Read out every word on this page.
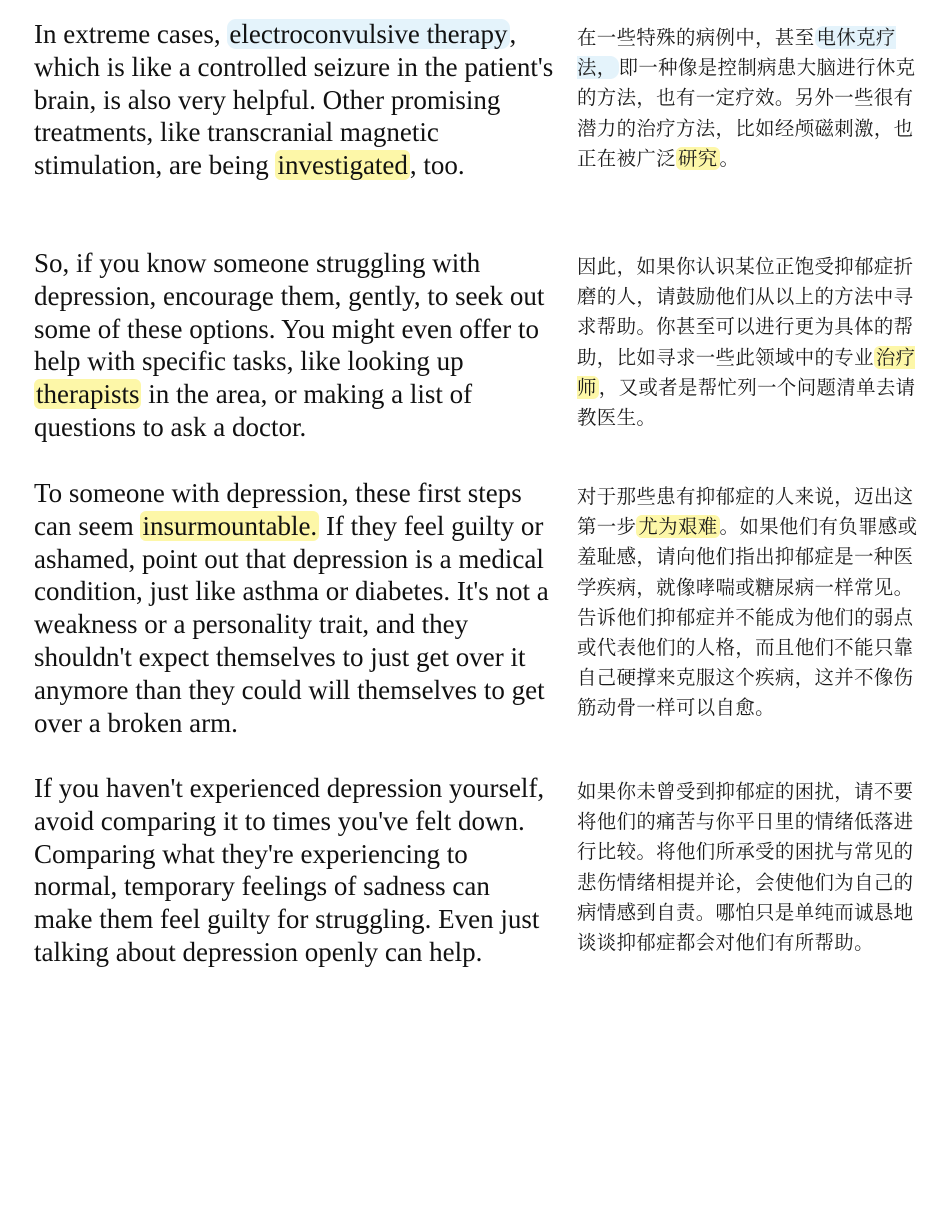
In extreme cases, electroconvulsive therapy, which is like a controlled seizure in the patient's brain, is also very helpful. Other promising treatments, like transcranial magnetic stimulation, are being investigated, too.

在一些特殊的病例中，甚至 电休克疗法， 即一种像是控制病患大脑进行休克的方法，也有一定疗效。另外一些很有潜力的治疗方法，比如经颅磁刺激，也正在被广泛 研究 。

So, if you know someone struggling with depression, encourage them, gently, to seek out some of these options. You might even offer to help with specific tasks, like looking up therapists in the area, or making a list of questions to ask a doctor.

因此，如果你认识某位正饱受抑郁症折磨的人，请鼓励他们从以上的方法中寻求帮助。你甚至可以进行更为具体的帮助，比如寻求一些此领域中的专业 治疗师 ，又或者是帮忙列一个问题清单去请教医生。

To someone with depression, these first steps can seem insurmountable. If they feel guilty or ashamed, point out that depression is a medical condition, just like asthma or diabetes. It's not a weakness or a personality trait, and they shouldn't expect themselves to just get over it anymore than they could will themselves to get over a broken arm.

对于那些患有抑郁症的人来说，迈出这第一步 尤为艰难 。如果他们有负罪感或羞耻感，请向他们指出抑郁症是一种医学疾病，就像哮喘或糖尿病一样常见。告诉他们抑郁症并不能成为他们的弱点或代表他们的人格，而且他们不能只靠自己硬撑来克服这个疾病，这并不像伤筋动骨一样可以自愈。

If you haven't experienced depression yourself, avoid comparing it to times you've felt down. Comparing what they're experiencing to normal, temporary feelings of sadness can make them feel guilty for struggling. Even just talking about depression openly can help.

如果你未曾受到抑郁症的困扰，请不要将他们的痛苦与你平日里的情绪低落进行比较。将他们所承受的困扰与常见的悲伤情绪相提并论，会使他们为自己的病情感到自责。哪怕只是单纯而诚恳地谈谈抑郁症都会对他们有所帮助。
